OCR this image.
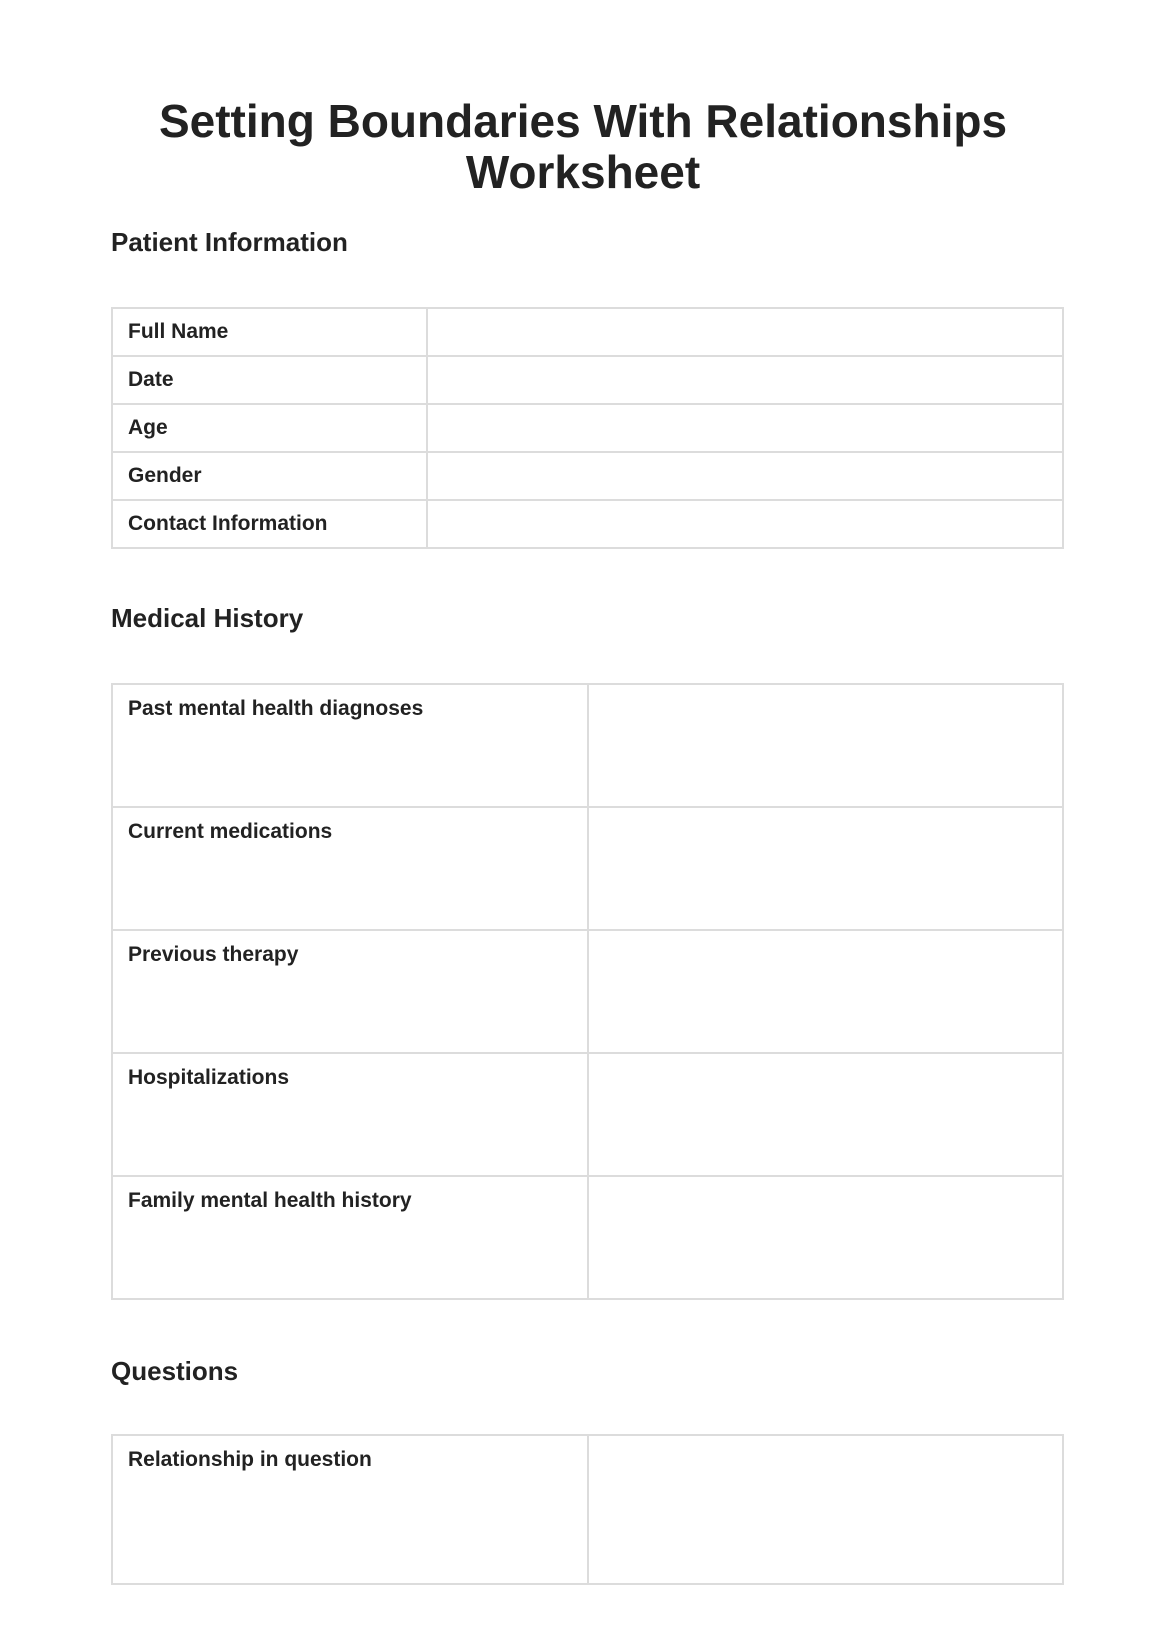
Setting Boundaries With Relationships
Worksheet
Patient Information
Full Name	
Date	
Age	
Gender	
Contact Information	
Medical History
Past mental health diagnoses	
Current medications	
Previous therapy	
Hospitalizations	
Family mental health history	
Questions
Relationship in question	
